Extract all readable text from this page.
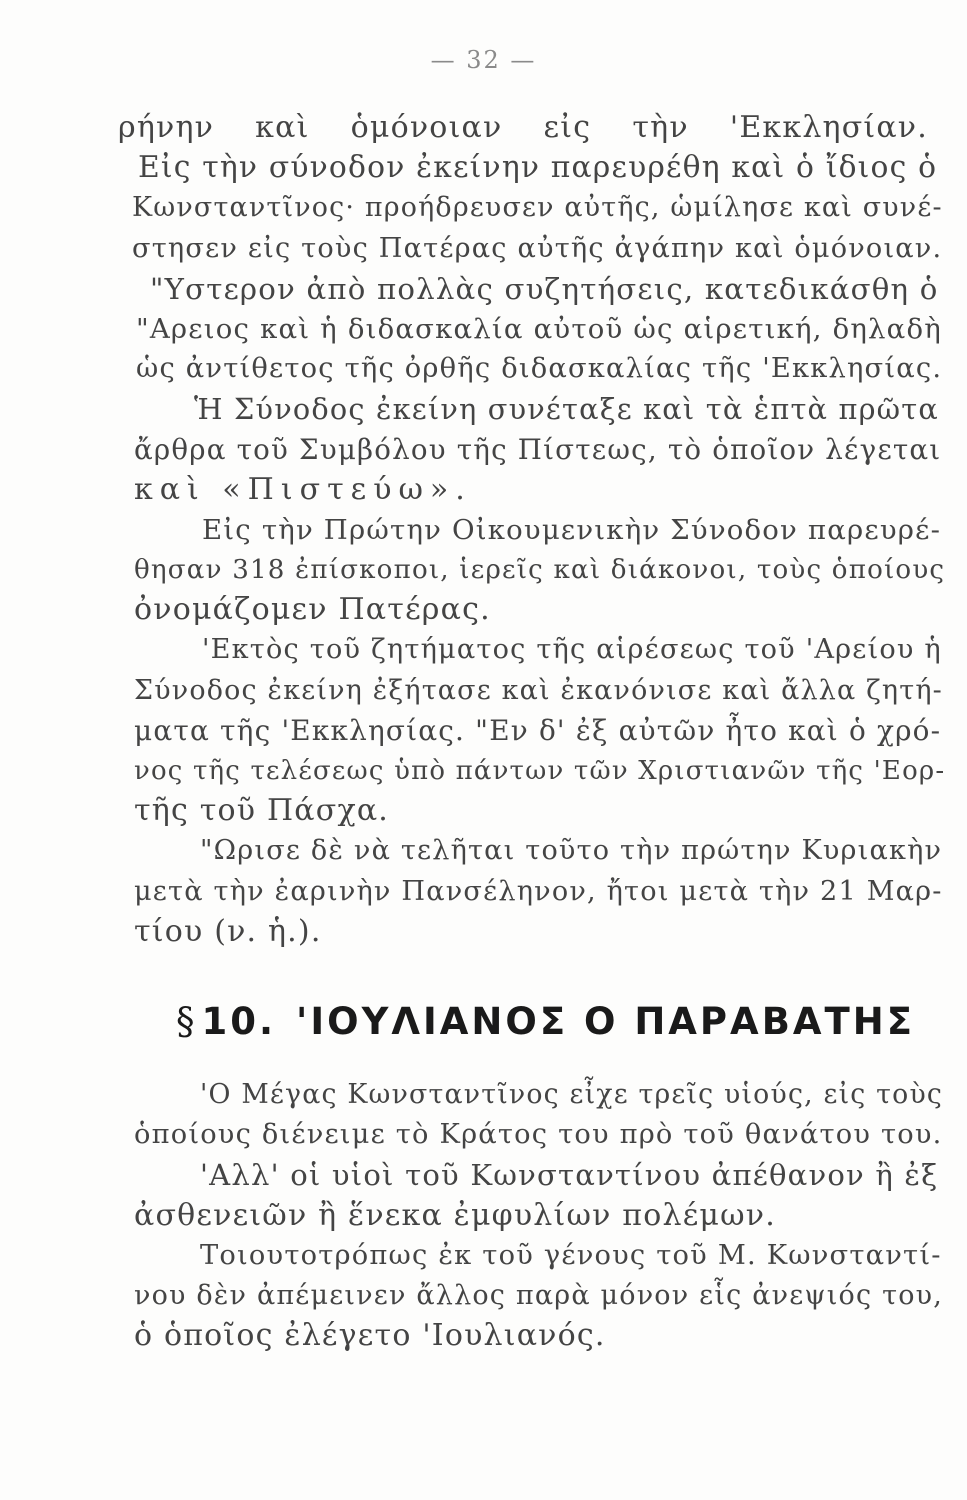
— 32 —
ρήνην καὶ ὁμόνοιαν εἰς τὴν 'Εκκλησίαν.
Εἰς τὴν σύνοδον ἐκείνην παρευρέθη καὶ ὁ ἴδιος ὁ
Κωνσταντῖνος· προήδρευσεν αὐτῆς, ὡμίλησε καὶ συνέ-
στησεν εἰς τοὺς Πατέρας αὐτῆς ἀγάπην καὶ ὁμόνοιαν.
"Υστερον ἀπὸ πολλὰς συζητήσεις, κατεδικάσθη ὁ
"Αρειος καὶ ἡ διδασκαλία αὐτοῦ ὡς αἱρετική, δηλαδὴ
ὡς ἀντίθετος τῆς ὀρθῆς διδασκαλίας τῆς 'Εκκλησίας.
Ἡ Σύνοδος ἐκείνη συνέταξε καὶ τὰ ἑπτὰ πρῶτα
ἄρθρα τοῦ Συμβόλου τῆς Πίστεως, τὸ ὁποῖον λέγεται
καὶ «Πιστεύω».
Εἰς τὴν Πρώτην Οἰκουμενικὴν Σύνοδον παρευρέ-
θησαν 318 ἐπίσκοποι, ἱερεῖς καὶ διάκονοι, τοὺς ὁποίους
ὀνομάζομεν Πατέρας.
'Εκτὸς τοῦ ζητήματος τῆς αἱρέσεως τοῦ 'Αρείου ἡ
Σύνοδος ἐκείνη ἐξήτασε καὶ ἐκανόνισε καὶ ἄλλα ζητή-
ματα τῆς 'Εκκλησίας. "Εν δ' ἐξ αὐτῶν ἦτο καὶ ὁ χρό-
νος τῆς τελέσεως ὑπὸ πάντων τῶν Χριστιανῶν τῆς 'Εορ-
τῆς τοῦ Πάσχα.
"Ωρισε δὲ νὰ τελῆται τοῦτο τὴν πρώτην Κυριακὴν
μετὰ τὴν ἐαρινὴν Πανσέληνον, ἤτοι μετὰ τὴν 21 Μαρ-
τίου (ν. ἡ.).
§ 10. 'ΙΟΥΛΙΑΝΟΣ Ο ΠΑΡΑΒΑΤΗΣ
'Ο Μέγας Κωνσταντῖνος εἶχε τρεῖς υἱούς, εἰς τοὺς
ὁποίους διένειμε τὸ Κράτος του πρὸ τοῦ θανάτου του.
'Αλλ' οἱ υἱοὶ τοῦ Κωνσταντίνου ἀπέθανον ἢ ἐξ
ἀσθενειῶν ἢ ἕνεκα ἐμφυλίων πολέμων.
Τοιουτοτρόπως ἐκ τοῦ γένους τοῦ Μ. Κωνσταντί-
νου δὲν ἀπέμεινεν ἄλλος παρὰ μόνον εἷς ἀνεψιός του,
ὁ ὁποῖος ἐλέγετο 'Ιουλιανός.
